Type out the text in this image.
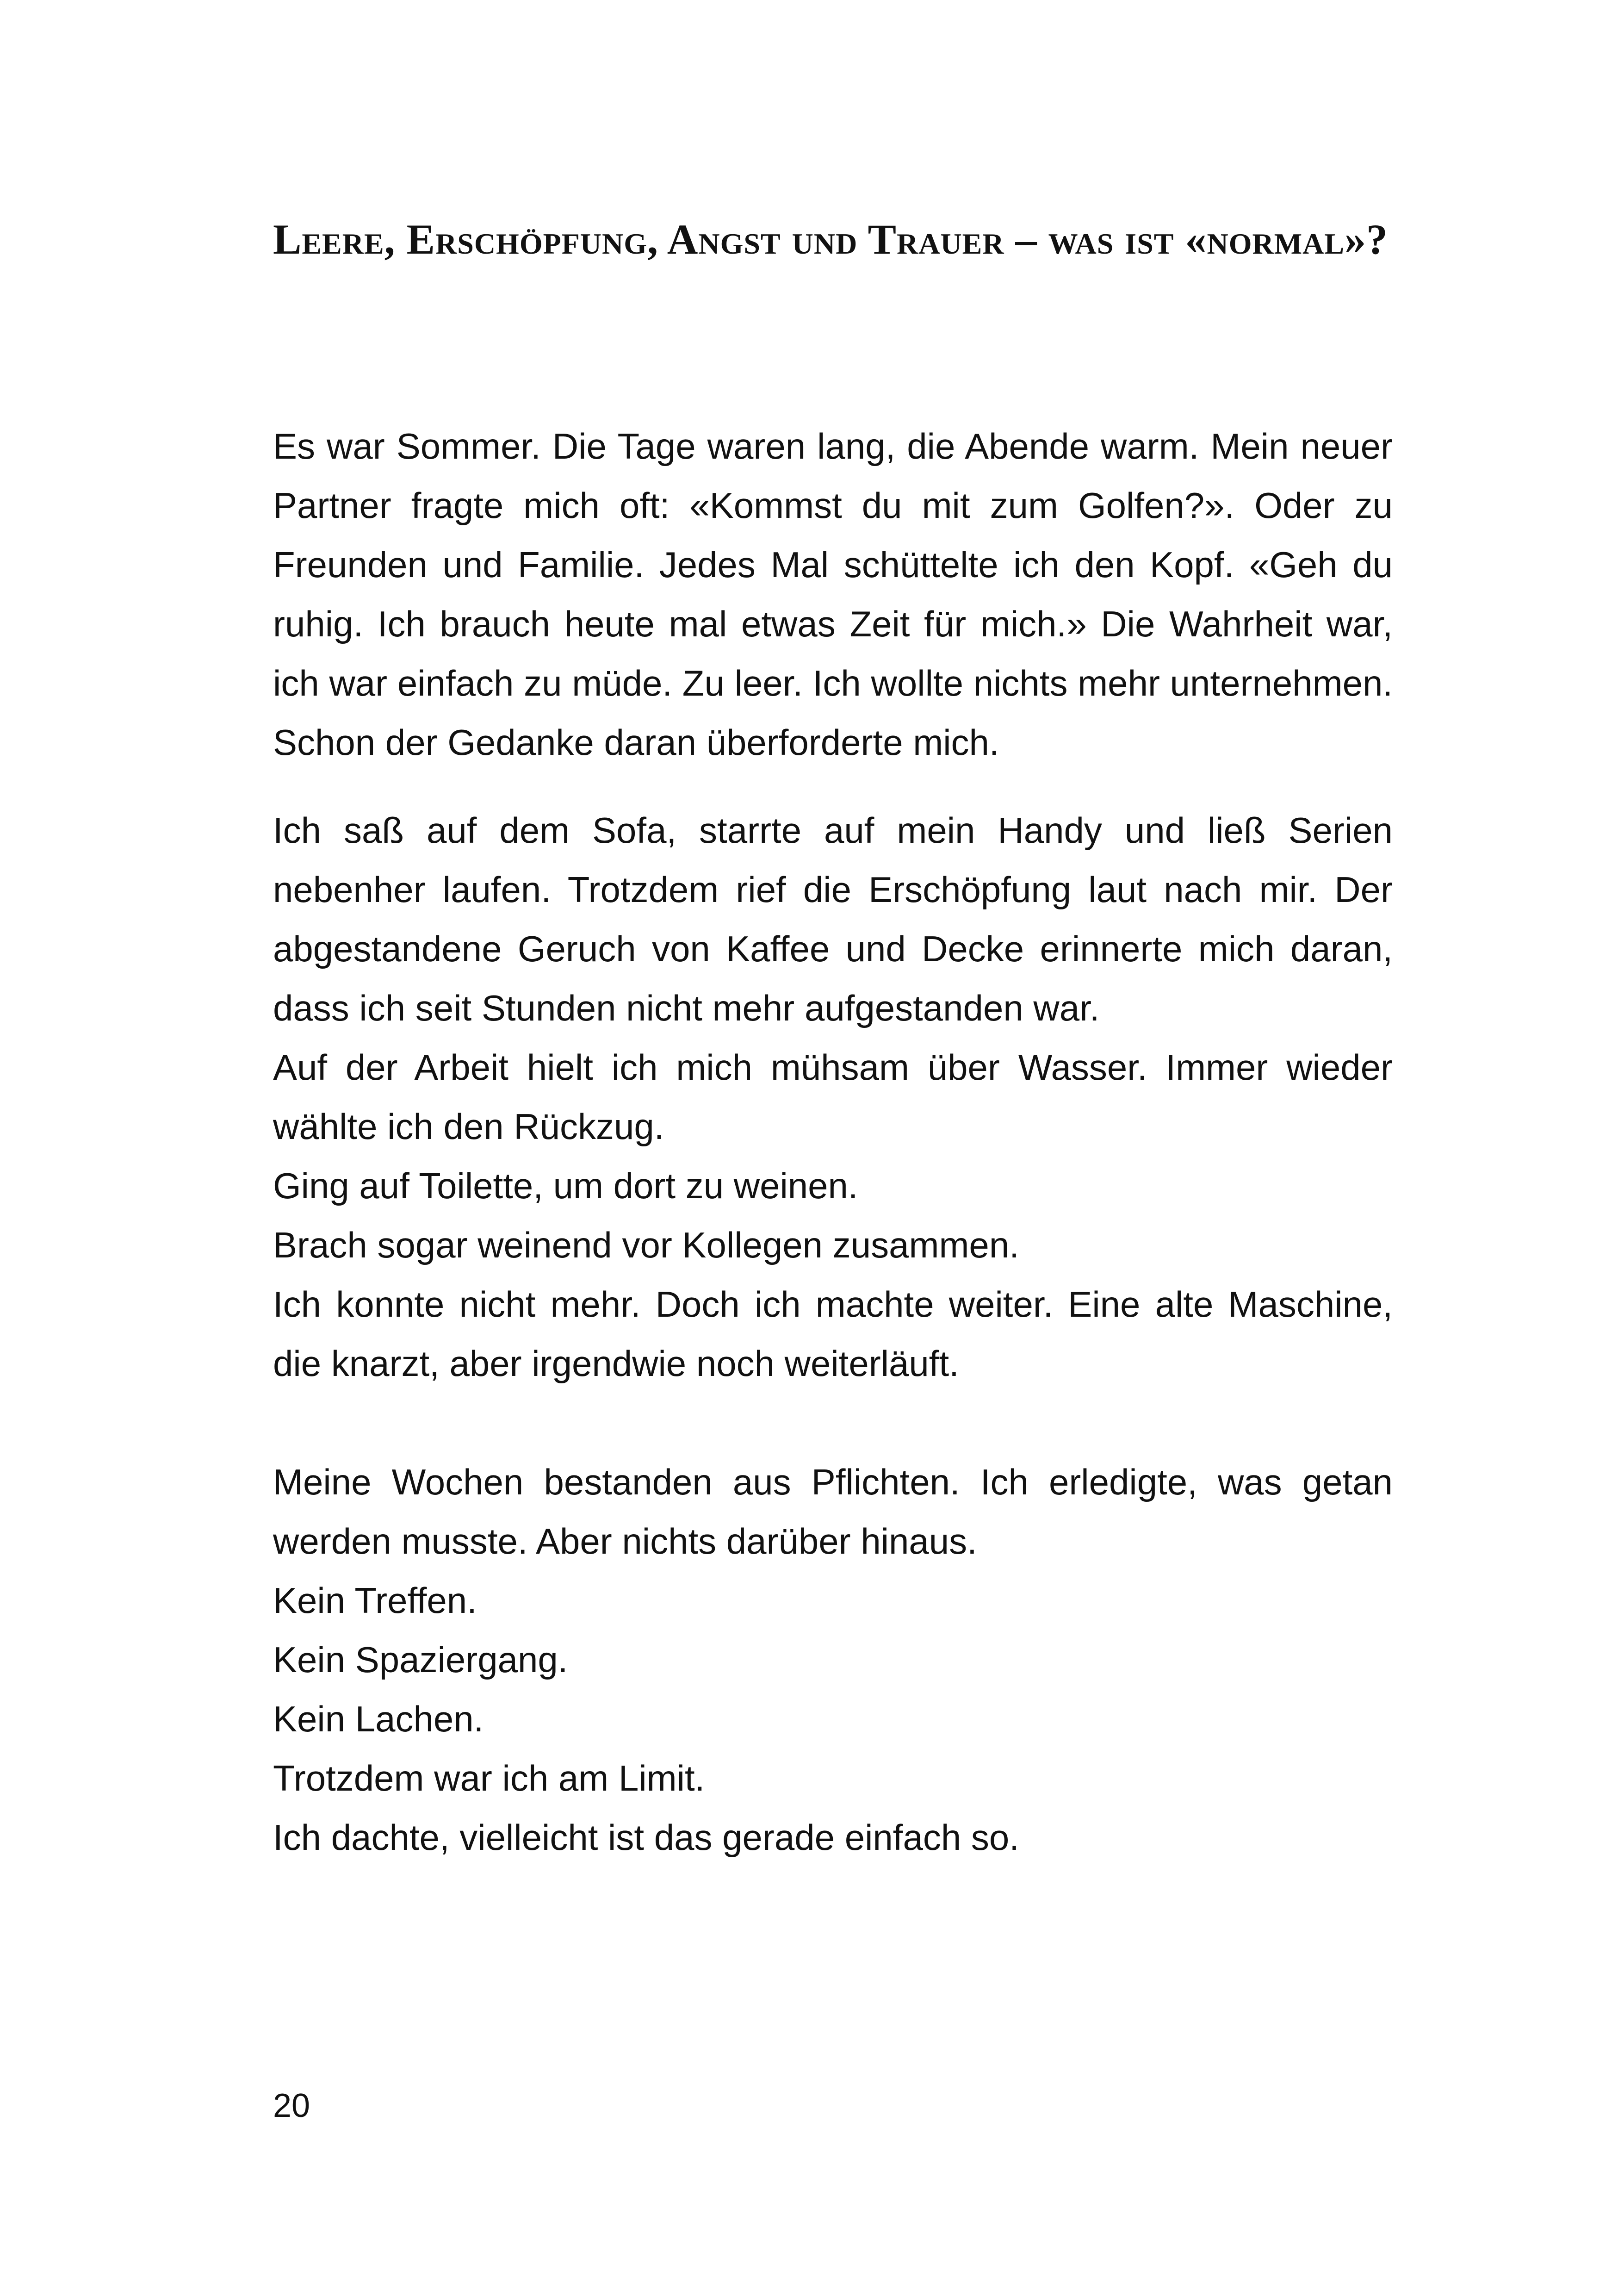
Leere, Erschöpfung, Angst und Trauer – was ist «normal»?

Es war Sommer. Die Tage waren lang, die Abende warm. Mein neuer Partner fragte mich oft: «Kommst du mit zum Golfen?». Oder zu Freunden und Familie. Jedes Mal schüttelte ich den Kopf. «Geh du ruhig. Ich brauch heute mal etwas Zeit für mich.» Die Wahrheit war, ich war einfach zu müde. Zu leer. Ich wollte nichts mehr unternehmen. Schon der Gedanke daran überforderte mich.

Ich saß auf dem Sofa, starrte auf mein Handy und ließ Serien nebenher laufen. Trotzdem rief die Erschöpfung laut nach mir. Der abgestandene Geruch von Kaffee und Decke erinnerte mich daran, dass ich seit Stunden nicht mehr aufgestanden war.

Auf der Arbeit hielt ich mich mühsam über Wasser. Immer wieder wählte ich den Rückzug.

Ging auf Toilette, um dort zu weinen.

Brach sogar weinend vor Kollegen zusammen.

Ich konnte nicht mehr. Doch ich machte weiter. Eine alte Maschine, die knarzt, aber irgendwie noch weiterläuft.

Meine Wochen bestanden aus Pflichten. Ich erledigte, was getan werden musste. Aber nichts darüber hinaus.

Kein Treffen.

Kein Spaziergang.

Kein Lachen.

Trotzdem war ich am Limit.

Ich dachte, vielleicht ist das gerade einfach so.

20
